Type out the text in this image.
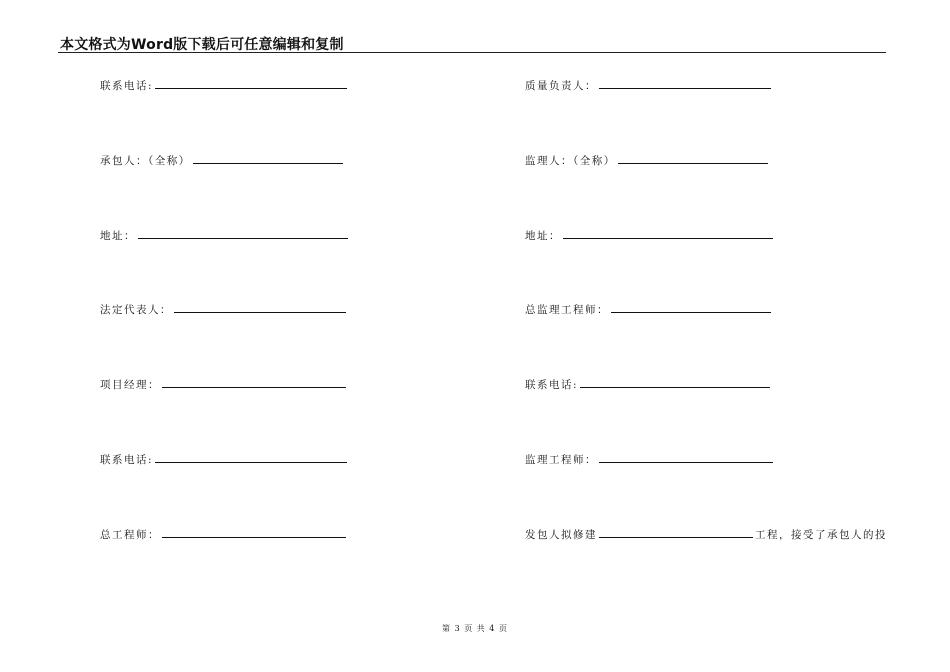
本文格式为Word版下载后可任意编辑和复制
联系电话:
承包人：（全称）
地址：
法定代表人：
项目经理：
联系电话:
总工程师：
质量负责人：
监理人：（全称）
地址：
总监理工程师：
联系电话:
监理工程师：
发包人拟修建	工程，接受了承包人的投
第 3 页 共 4 页
